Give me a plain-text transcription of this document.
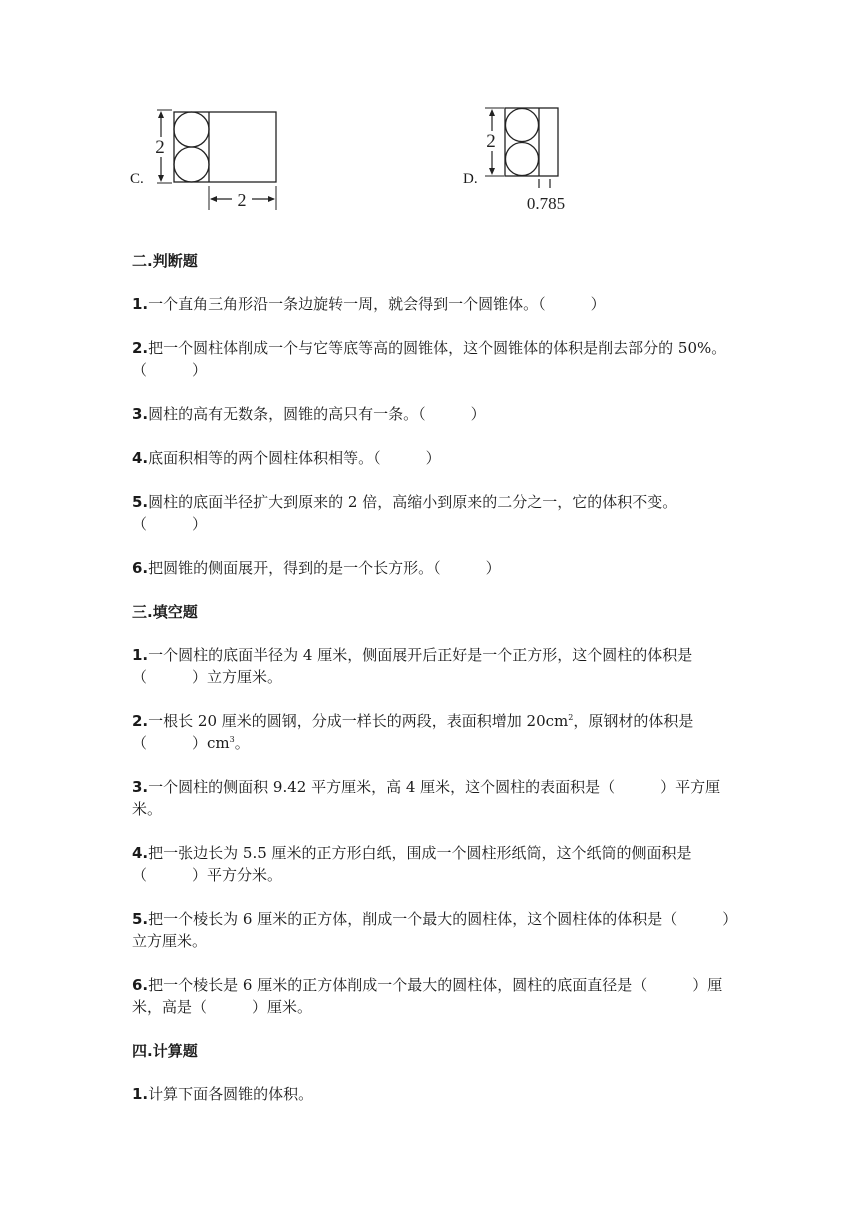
C.
2
2
D.
2
0.785
二.判断题

1.一个直角三角形沿一条边旋转一周，就会得到一个圆锥体。（　　　）

2.把一个圆柱体削成一个与它等底等高的圆锥体，这个圆锥体的体积是削去部分的 50%。（　　　）

3.圆柱的高有无数条，圆锥的高只有一条。（　　　）

4.底面积相等的两个圆柱体积相等。（　　　）

5.圆柱的底面半径扩大到原来的 2 倍，高缩小到原来的二分之一，它的体积不变。（　　　）

6.把圆锥的侧面展开，得到的是一个长方形。（　　　）

三.填空题

1.一个圆柱的底面半径为 4 厘米，侧面展开后正好是一个正方形，这个圆柱的体积是（　　　）立方厘米。

2.一根长 20 厘米的圆钢，分成一样长的两段，表面积增加 $20cm^2$，原钢材的体积是（　　　）$cm^3$。

3.一个圆柱的侧面积 9.42 平方厘米，高 4 厘米，这个圆柱的表面积是（　　　）平方厘米。

4.把一张边长为 5.5 厘米的正方形白纸，围成一个圆柱形纸筒，这个纸筒的侧面积是（　　　）平方分米。

5.把一个棱长为 6 厘米的正方体，削成一个最大的圆柱体，这个圆柱体的体积是（　　　）立方厘米。

6.把一个棱长是 6 厘米的正方体削成一个最大的圆柱体，圆柱的底面直径是（　　　）厘米，高是（　　　）厘米。

四.计算题

1.计算下面各圆锥的体积。
